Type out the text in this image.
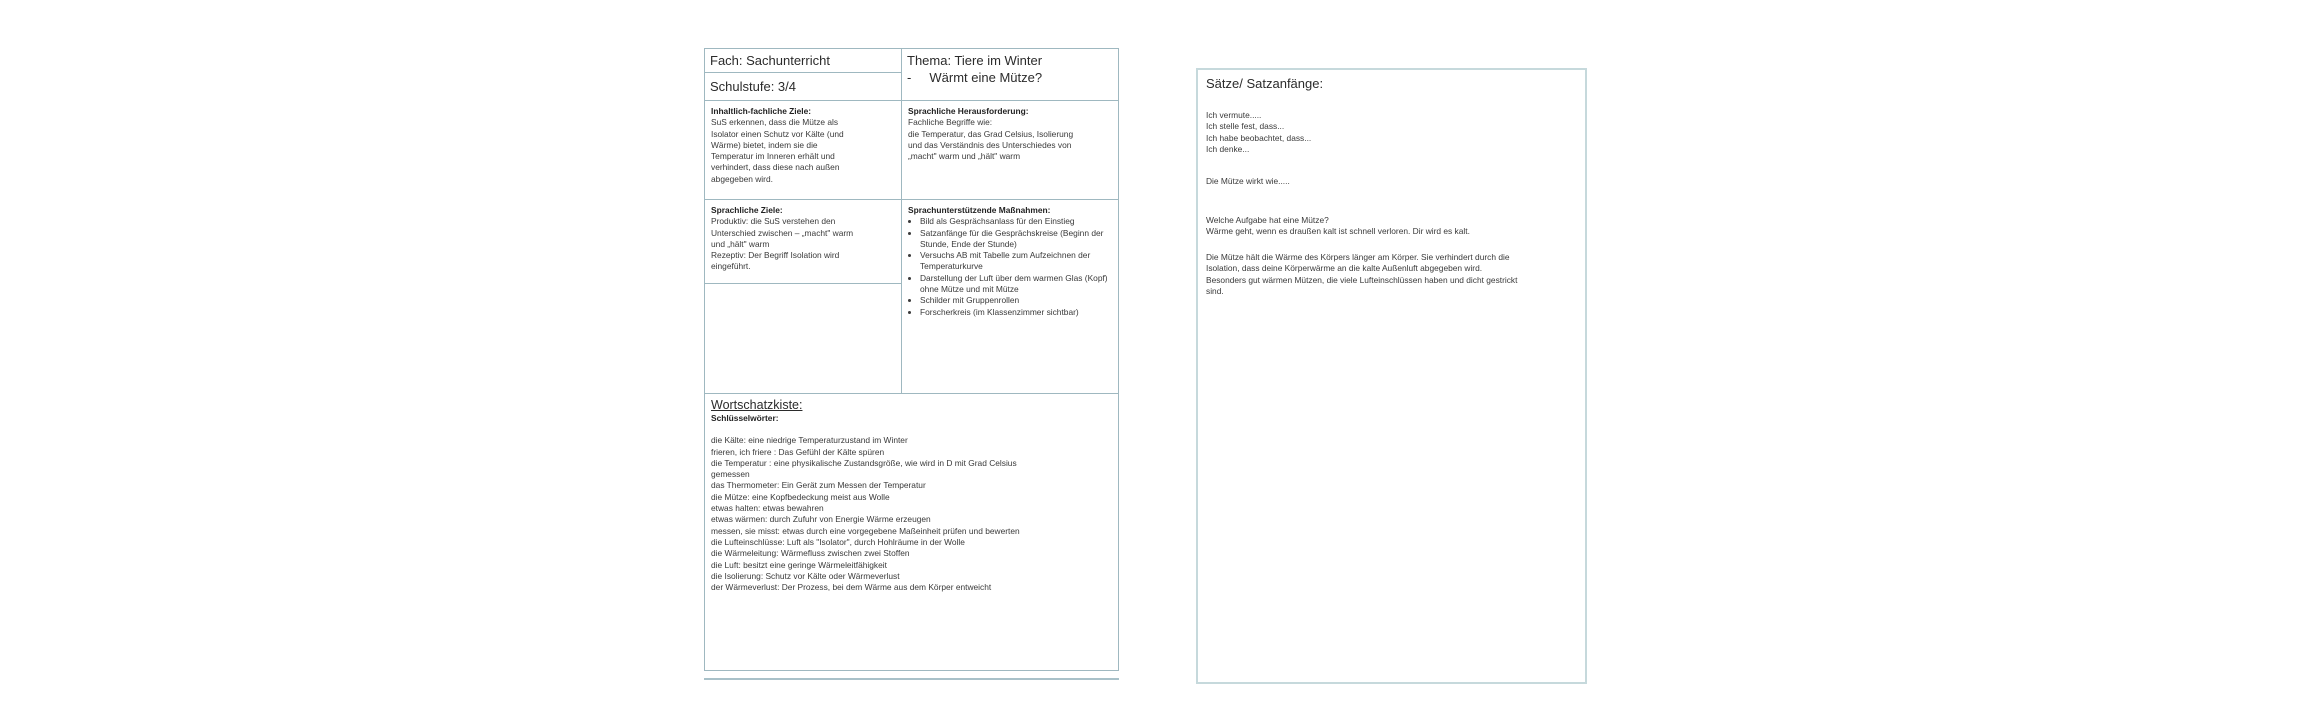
Fach: Sachunterricht
Schulstufe: 3/4
Thema: Tiere im Winter
-     Wärmt eine Mütze?
Inhaltlich-fachliche Ziele:

SuS erkennen, dass die Mütze als

Isolator einen Schutz vor Kälte (und

Wärme) bietet, indem sie die

Temperatur im Inneren erhält und

verhindert, dass diese nach außen

abgegeben wird.

Sprachliche Herausforderung:

Fachliche Begriffe wie:

die Temperatur, das Grad Celsius, Isolierung

und das Verständnis des Unterschiedes von

„macht" warm und „hält" warm

Sprachliche Ziele:

Produktiv: die SuS verstehen den

Unterschied zwischen – „macht" warm

und „hält" warm

Rezeptiv: Der Begriff Isolation wird

eingeführt.

Sprachunterstützende Maßnahmen:
• Bild als Gesprächsanlass für den Einstieg
• Satzanfänge für die Gesprächskreise (Beginn der Stunde, Ende der Stunde)
• Versuchs AB mit Tabelle zum Aufzeichnen der Temperaturkurve
• Darstellung der Luft über dem warmen Glas (Kopf) ohne Mütze und mit Mütze
• Schilder mit Gruppenrollen
• Forscherkreis (im Klassenzimmer sichtbar)
Wortschatzkiste:
Schlüsselwörter:

die Kälte: eine niedrige Temperaturzustand im Winter

frieren, ich friere : Das Gefühl der Kälte spüren

die Temperatur : eine physikalische Zustandsgröße, wie wird in D mit Grad Celsius

gemessen

das Thermometer: Ein Gerät zum Messen der Temperatur

die Mütze: eine Kopfbedeckung meist aus Wolle

etwas halten: etwas bewahren

etwas wärmen: durch Zufuhr von Energie Wärme erzeugen

messen, sie misst: etwas durch eine vorgegebene Maßeinheit prüfen und bewerten

die Lufteinschlüsse: Luft als "Isolator", durch Hohlräume in der Wolle

die Wärmeleitung: Wärmefluss zwischen zwei Stoffen

die Luft: besitzt eine geringe Wärmeleitfähigkeit

die Isolierung: Schutz vor Kälte oder Wärmeverlust

der Wärmeverlust: Der Prozess, bei dem Wärme aus dem Körper entweicht

Sätze/ Satzanfänge:

Ich vermute.....

Ich stelle fest, dass...

Ich habe beobachtet, dass...

Ich denke...

Die Mütze wirkt wie.....

Welche Aufgabe hat eine Mütze?

Wärme geht, wenn es draußen kalt ist schnell verloren. Dir wird es kalt.

Die Mütze hält die Wärme des Körpers länger am Körper. Sie verhindert durch die

Isolation, dass deine Körperwärme an die kalte Außenluft abgegeben wird.

Besonders gut wärmen Mützen, die viele Lufteinschlüssen haben und dicht gestrickt

sind.
